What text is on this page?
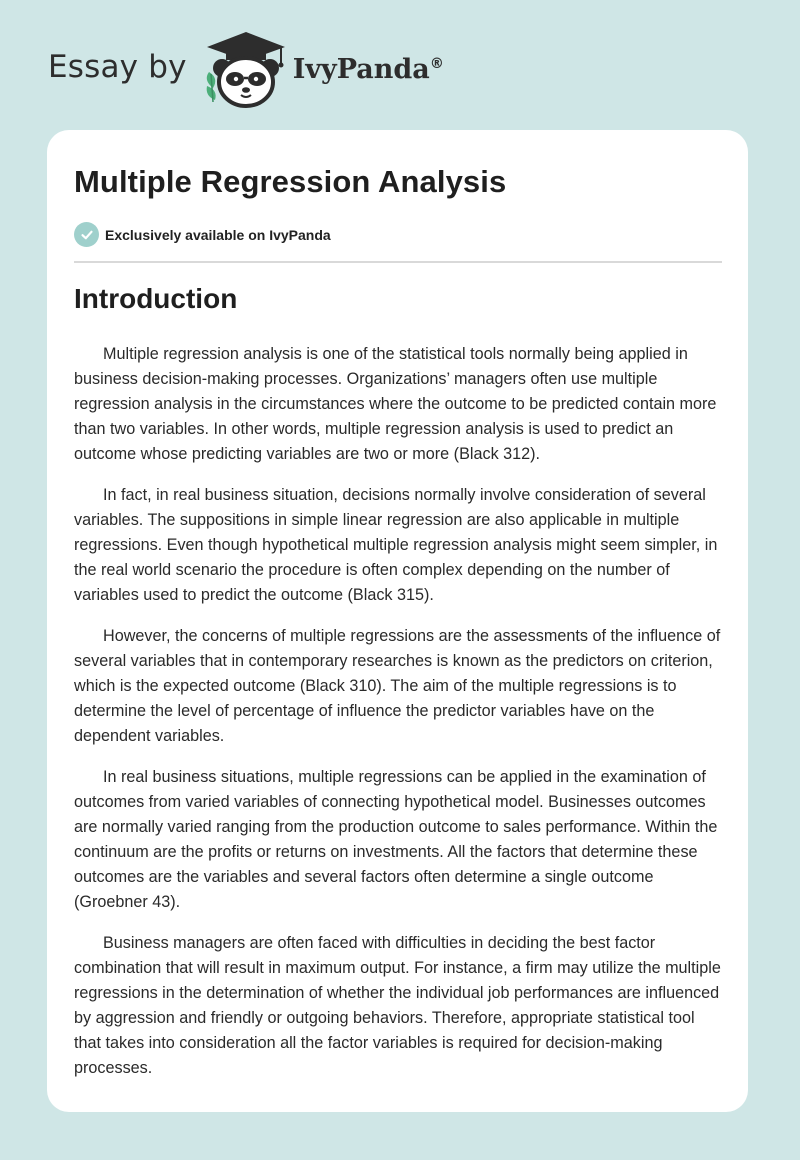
Essay by	IvyPanda®
Multiple Regression Analysis
Exclusively available on IvyPanda
Introduction

Multiple regression analysis is one of the statistical tools normally being applied in business decision-making processes. Organizations’ managers often use multiple regression analysis in the circumstances where the outcome to be predicted contain more than two variables. In other words, multiple regression analysis is used to predict an outcome whose predicting variables are two or more (Black 312).

In fact, in real business situation, decisions normally involve consideration of several variables. The suppositions in simple linear regression are also applicable in multiple regressions. Even though hypothetical multiple regression analysis might seem simpler, in the real world scenario the procedure is often complex depending on the number of variables used to predict the outcome (Black 315).

However, the concerns of multiple regressions are the assessments of the influence of several variables that in contemporary researches is known as the predictors on criterion, which is the expected outcome (Black 310). The aim of the multiple regressions is to determine the level of percentage of influence the predictor variables have on the dependent variables.

In real business situations, multiple regressions can be applied in the examination of outcomes from varied variables of connecting hypothetical model. Businesses outcomes are normally varied ranging from the production outcome to sales performance. Within the continuum are the profits or returns on investments. All the factors that determine these outcomes are the variables and several factors often determine a single outcome (Groebner 43).

Business managers are often faced with difficulties in deciding the best factor combination that will result in maximum output. For instance, a firm may utilize the multiple regressions in the determination of whether the individual job performances are influenced by aggression and friendly or outgoing behaviors. Therefore, appropriate statistical tool that takes into consideration all the factor variables is required for decision-making processes.
